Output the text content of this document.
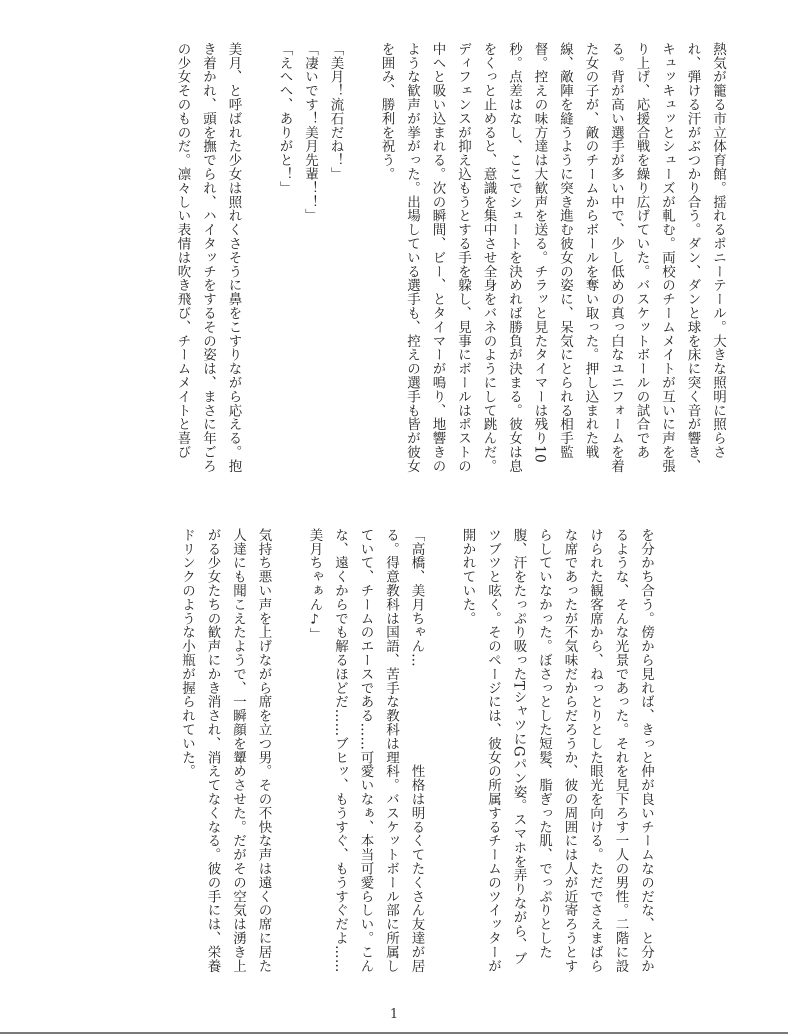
熱気が籠る市立体育館。揺れるポニーテール。大きな照明に照らされ、弾ける汗がぶつかり合う。ダン、ダンと球を床に突く音が響き、キュッキュッとシューズが軋む。両校のチームメイトが互いに声を張り上げ、応援合戦を繰り広げていた。バスケットボールの試合である。背が高い選手が多い中で、少し低めの真っ白なユニフォームを着た女の子が、敵のチームからボールを奪い取った。押し込まれた戦線、敵陣を縫うように突き進む彼女の姿に、呆気にとられる相手監督。控えの味方達は大歓声を送る。チラッと見たタイマーは残り10秒。点差はなし、ここでシュートを決めれば勝負が決まる。彼女は息をくっと止めると、意識を集中させ全身をバネのようにして跳んだ。ディフェンスが抑え込もうとする手を躱し、見事にボールはポストの中へと吸い込まれる。次の瞬間、ビー、とタイマーが鳴り、地響きのような歓声が挙がった。出場している選手も、控えの選手も皆が彼女を囲み、勝利を祝う。

「美月！流石だね！」

「凄いです！美月先輩！！」

「えへへ、ありがと！」

美月、と呼ばれた少女は照れくさそうに鼻をこすりながら応える。抱き着かれ、頭を撫でられ、ハイタッチをするその姿は、まさに年ごろの少女そのものだ。凛々しい表情は吹き飛び、チームメイトと喜び

を分かち合う。傍から見れば、きっと仲が良いチームなのだな、と分かるような、そんな光景であった。それを見下ろす一人の男性。二階に設けられた観客席から、ねっとりとした眼光を向ける。ただでさえまばらな席であったが不気味だからだろうか、彼の周囲には人が近寄ろうとすらしていなかった。ぼさっとした短髪、脂ぎった肌、でっぷりとした腹、汗をたっぷり吸ったTシャツにGパン姿。スマホを弄りながら、ブツブツと呟く。そのページには、彼女の所属するチームのツイッターが開かれていた。

「高橋、美月ちゃん…　　　　　　　性格は明るくてたくさん友達が居る。得意教科は国語、苦手な教科は理科。バスケットボール部に所属していて、チームのエースである……可愛いなぁ、本当可愛らしい。こんな、遠くからでも解るほどだ……ブヒッ、もうすぐ、もうすぐだよ……美月ちゃぁん♪」

気持ち悪い声を上げながら席を立つ男。その不快な声は遠くの席に居た人達にも聞こえたようで、一瞬顔を顰めさせた。だがその空気は湧き上がる少女たちの歓声にかき消され、消えてなくなる。彼の手には、栄養ドリンクのような小瓶が握られていた。

1
